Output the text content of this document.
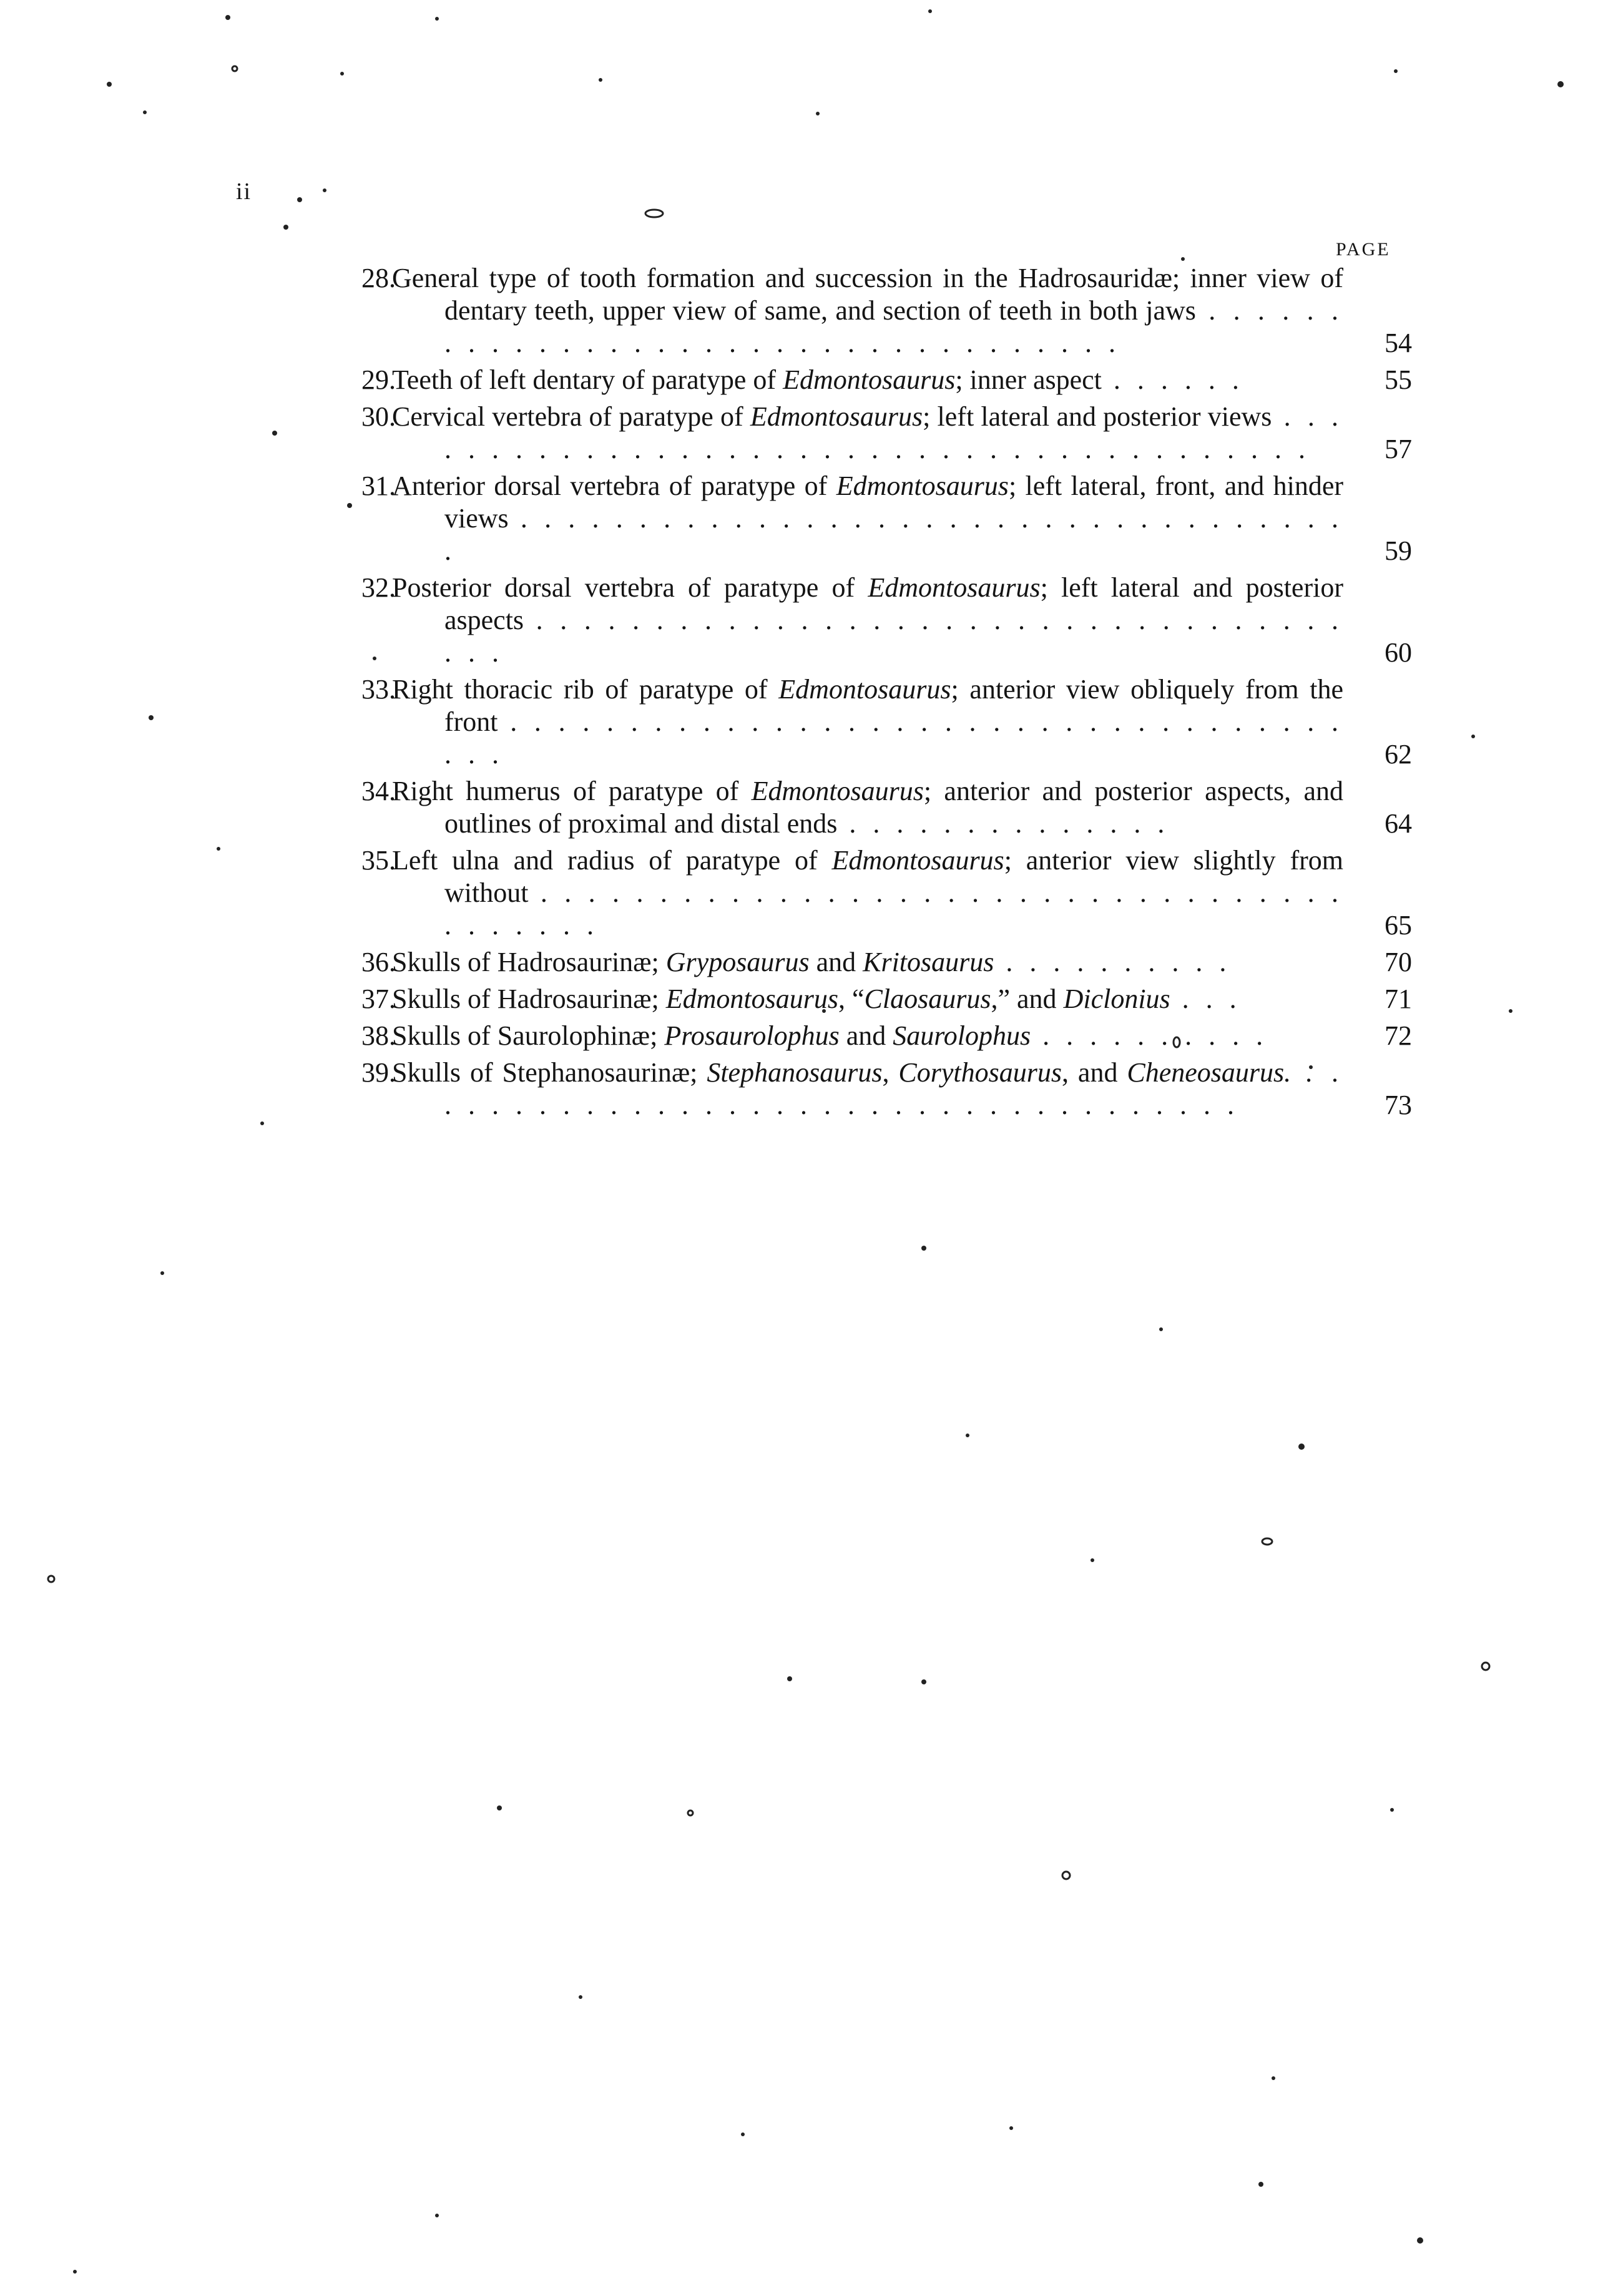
ii
PAGE
28.
General type of tooth formation and succession in the Hadrosauridæ; inner view of dentary teeth, upper view of same, and section of teeth in both jaws . . . . . . . . . . . . . . . . . . . . . . . . . . . . . . . . . . .	54
29.
Teeth of left dentary of paratype of Edmontosaurus; inner aspect . . . . . .	55
30.
Cervical vertebra of paratype of Edmontosaurus; left lateral and posterior views . . . . . . . . . . . . . . . . . . . . . . . . . . . . . . . . . . . . . . . .	57
31.
Anterior dorsal vertebra of paratype of Edmontosaurus; left lateral, front, and hinder views . . . . . . . . . . . . . . . . . . . . . . . . . . . . . . . . . . . .	59
32.
Posterior dorsal vertebra of paratype of Edmontosaurus; left lateral and posterior aspects . . . . . . . . . . . . . . . . . . . . . . . . . . . . . . . . . . . . .	60
33.
Right thoracic rib of paratype of Edmontosaurus; anterior view obliquely from the front . . . . . . . . . . . . . . . . . . . . . . . . . . . . . . . . . . . . . .	62
34.
Right humerus of paratype of Edmontosaurus; anterior and posterior aspects, and outlines of proximal and distal ends . . . . . . . . . . . . . .	64
35.
Left ulna and radius of paratype of Edmontosaurus; anterior view slightly from without . . . . . . . . . . . . . . . . . . . . . . . . . . . . . . . . . . . . . . . . .	65
36.
Skulls of Hadrosaurinæ; Gryposaurus and Kritosaurus . . . . . . . . . .	70
37.
Skulls of Hadrosaurinæ; Edmontosaurus, “Claosaurus,” and Diclonius . . .	71
38.
Skulls of Saurolophinæ; Prosaurolophus and Saurolophus . . . . . . . . . .	72
39.
Skulls of Stephanosaurinæ; Stephanosaurus, Corythosaurus, and Cheneosaurus. . . . . . . . . . . . . . . . . . . . . . . . . . . . . . . . . . . . .	73
